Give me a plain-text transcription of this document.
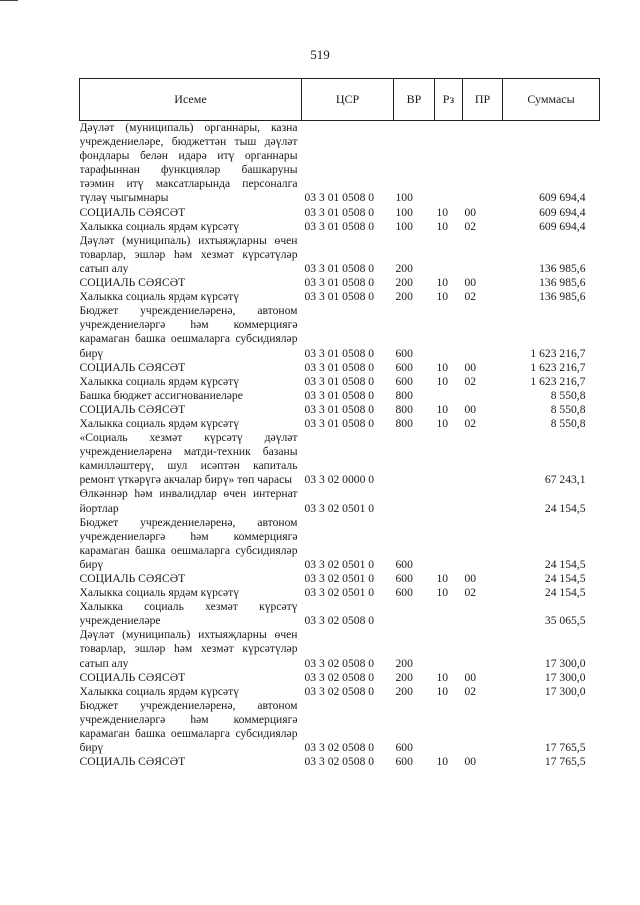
519
Исеме	ЦСР	ВР	Рз	ПР	Суммасы
Дәүләт (муниципаль) органнары, казна учреждениеләре, бюджеттән тыш дәүләт фондлары белән идарә итү органнары тарафыннан функцияләр башкаруны тәэмин итү максатларында персоналга түләү чыгымнары	03 3 01 0508 0	100			609 694,4
СОЦИАЛЬ СӘЯСӘТ	03 3 01 0508 0	100	10	00	609 694,4
Халыкка социаль ярдәм күрсәтү	03 3 01 0508 0	100	10	02	609 694,4
Дәүләт (муниципаль) ихтыяҗларны өчен товарлар, эшләр һәм хезмәт күрсәтүләр сатып алу	03 3 01 0508 0	200			136 985,6
СОЦИАЛЬ СӘЯСӘТ	03 3 01 0508 0	200	10	00	136 985,6
Халыкка социаль ярдәм күрсәтү	03 3 01 0508 0	200	10	02	136 985,6
Бюджет учреждениеләренә, автоном учреждениеләргә һәм коммерциягә карамаган башка оешмаларга субсидияләр бирү	03 3 01 0508 0	600			1 623 216,7
СОЦИАЛЬ СӘЯСӘТ	03 3 01 0508 0	600	10	00	1 623 216,7
Халыкка социаль ярдәм күрсәтү	03 3 01 0508 0	600	10	02	1 623 216,7
Башка бюджет ассигнованиеләре	03 3 01 0508 0	800			8 550,8
СОЦИАЛЬ СӘЯСӘТ	03 3 01 0508 0	800	10	00	8 550,8
Халыкка социаль ярдәм күрсәтү	03 3 01 0508 0	800	10	02	8 550,8
«Социаль хезмәт күрсәтү дәүләт учреждениеләренә матди-техник базаны камилләштерү, шул исәптән капиталь ремонт үткәрүгә акчалар бирү» төп чарасы	03 3 02 0000 0				67 243,1
Өлкәннәр һәм инвалидлар өчен интернат йортлар	03 3 02 0501 0				24 154,5
Бюджет учреждениеләренә, автоном учреждениеләргә һәм коммерциягә карамаган башка оешмаларга субсидияләр бирү	03 3 02 0501 0	600			24 154,5
СОЦИАЛЬ СӘЯСӘТ	03 3 02 0501 0	600	10	00	24 154,5
Халыкка социаль ярдәм күрсәтү	03 3 02 0501 0	600	10	02	24 154,5
Халыкка социаль хезмәт күрсәтү учреждениеләре	03 3 02 0508 0				35 065,5
Дәүләт (муниципаль) ихтыяҗларны өчен товарлар, эшләр һәм хезмәт күрсәтүләр сатып алу	03 3 02 0508 0	200			17 300,0
СОЦИАЛЬ СӘЯСӘТ	03 3 02 0508 0	200	10	00	17 300,0
Халыкка социаль ярдәм күрсәтү	03 3 02 0508 0	200	10	02	17 300,0
Бюджет учреждениеләренә, автоном учреждениеләргә һәм коммерциягә карамаган башка оешмаларга субсидияләр бирү	03 3 02 0508 0	600			17 765,5
СОЦИАЛЬ СӘЯСӘТ	03 3 02 0508 0	600	10	00	17 765,5
